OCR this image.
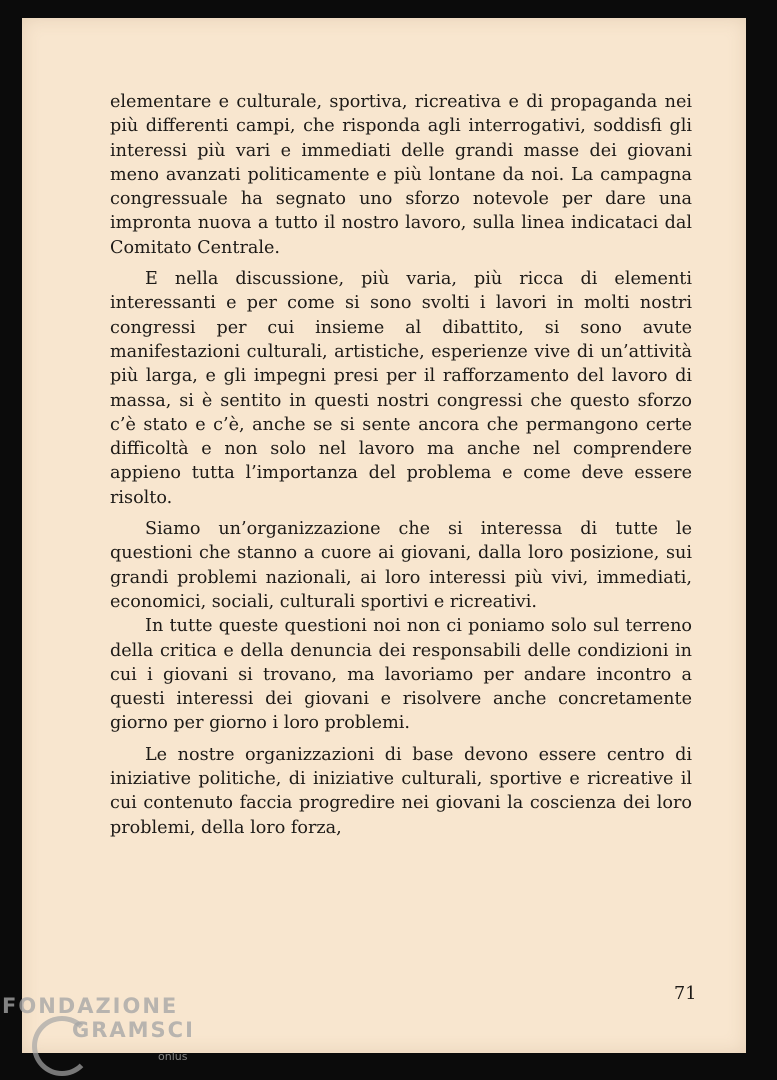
elementare e culturale, sportiva, ricreativa e di propaganda nei più differenti campi, che risponda agli interrogativi, soddisfi gli interessi più vari e immediati delle grandi masse dei giovani meno avanzati politicamente e più lontane da noi. La campagna congressuale ha segnato uno sforzo notevole per dare una impronta nuova a tutto il nostro lavoro, sulla linea indicataci dal Comitato Centrale.

E nella discussione, più varia, più ricca di elementi interessanti e per come si sono svolti i lavori in molti nostri congressi per cui insieme al dibattito, si sono avute manifestazioni culturali, artistiche, esperienze vive di un’attività più larga, e gli impegni presi per il rafforzamento del lavoro di massa, si è sentito in questi nostri congressi che questo sforzo c’è stato e c’è, anche se si sente ancora che permangono certe difficoltà e non solo nel lavoro ma anche nel comprendere appieno tutta l’importanza del problema e come deve essere risolto.

Siamo un’organizzazione che si interessa di tutte le questioni che stanno a cuore ai giovani, dalla loro posizione, sui grandi problemi nazionali, ai loro interessi più vivi, immediati, economici, sociali, culturali sportivi e ricreativi.

In tutte queste questioni noi non ci poniamo solo sul terreno della critica e della denuncia dei responsabili delle condizioni in cui i giovani si trovano, ma lavoriamo per andare incontro a questi interessi dei giovani e risolvere anche concretamente giorno per giorno i loro problemi.

Le nostre organizzazioni di base devono essere centro di iniziative politiche, di iniziative culturali, sportive e ricreative il cui contenuto faccia progredire nei giovani la coscienza dei loro problemi, della loro forza,

71
FONDAZIONE
GRAMSCI
onlus
